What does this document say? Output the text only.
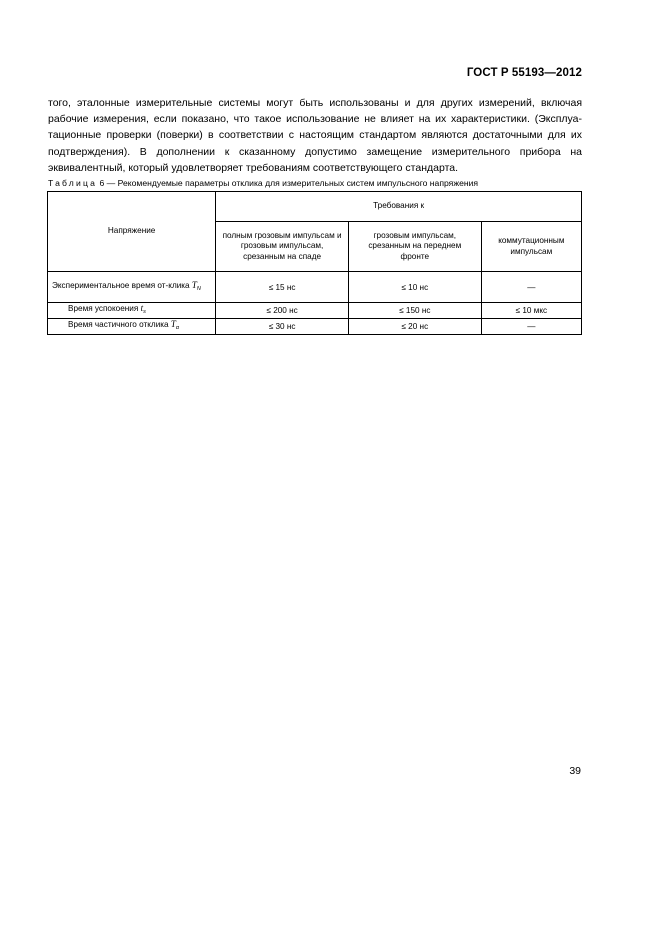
ГОСТ Р 55193—2012
того, эталонные измерительные системы могут быть использованы и для других измерений, включая
рабочие измерения, если показано, что такое использование не влияет на их характеристики. (Эксплуа-
тационные проверки (поверки) в соответствии с настоящим стандартом являются достаточными для их
подтверждения). В дополнении к сказанному допустимо замещение измерительного прибора на
эквивалентный, который удовлетворяет требованиям соответствующего стандарта.
Таблица 6 — Рекомендуемые параметры отклика для измерительных систем импульсного напряжения
Напряжение	Требования к		
	полным грозовым импульсам и грозовым импульсам, срезанным на спаде	грозовым импульсам, срезанным на переднем фронте	коммутационным импульсам
Экспериментальное время от-клика $T_N$	≤ 15 нс	≤ 10 нс	—
Время успокоения $t_s$	≤ 200 нс	≤ 150 нс	≤ 10 мкс
Время частичного отклика $T_\alpha$	≤ 30 нс	≤ 20 нс	—
39
